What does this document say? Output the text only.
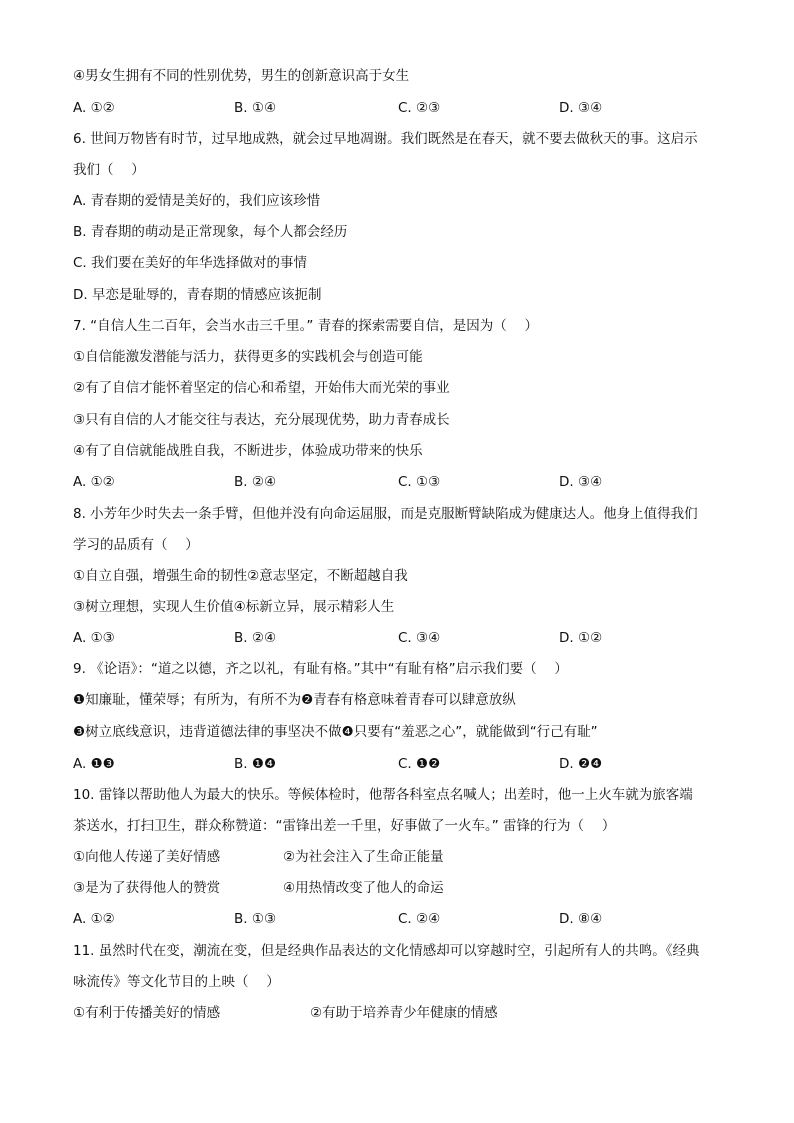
④男女生拥有不同的性别优势，男生的创新意识高于女生
A. ①②	B. ①④	C. ②③	D. ③④
6. 世间万物皆有时节，过早地成熟，就会过早地凋谢。我们既然是在春天，就不要去做秋天的事。这启示
我们（　 ）
A. 青春期的爱情是美好的，我们应该珍惜
B. 青春期的萌动是正常现象，每个人都会经历
C. 我们要在美好的年华选择做对的事情
D. 早恋是耻辱的，青春期的情感应该扼制
7. “自信人生二百年，会当水击三千里。” 青春的探索需要自信，是因为（　 ）
①自信能激发潜能与活力，获得更多的实践机会与创造可能
②有了自信才能怀着坚定的信心和希望，开始伟大而光荣的事业
③只有自信的人才能交往与表达，充分展现优势，助力青春成长
④有了自信就能战胜自我，不断进步，体验成功带来的快乐
A. ①②	B. ②④	C. ①③	D. ③④
8. 小芳年少时失去一条手臂，但他并没有向命运屈服，而是克服断臂缺陷成为健康达人。他身上值得我们
学习的品质有（　 ）
①自立自强，增强生命的韧性②意志坚定，不断超越自我
③树立理想，实现人生价值④标新立异，展示精彩人生
A. ①③	B. ②④	C. ③④	D. ①②
9. 《论语》：“道之以德，齐之以礼，有耻有格。”其中“有耻有格”启示我们要（　 ）
❶知廉耻，懂荣辱；有所为，有所不为❷青春有格意味着青春可以肆意放纵
❸树立底线意识，违背道德法律的事坚决不做❹只要有“羞恶之心”，就能做到“行己有耻”
A. ❶❸	B. ❶❹	C. ❶❷	D. ❷❹
10. 雷锋以帮助他人为最大的快乐。等候体检时，他帮各科室点名喊人；出差时，他一上火车就为旅客端
茶送水，打扫卫生，群众称赞道：“雷锋出差一千里，好事做了一火车。” 雷锋的行为（　 ）
①向他人传递了美好情感	②为社会注入了生命正能量
③是为了获得他人的赞赏	④用热情改变了他人的命运
A. ①②	B. ①③	C. ②④	D. ⑧④
11. 虽然时代在变，潮流在变，但是经典作品表达的文化情感却可以穿越时空，引起所有人的共鸣。《经典
咏流传》等文化节目的上映（　 ）
①有利于传播美好的情感	②有助于培养青少年健康的情感
